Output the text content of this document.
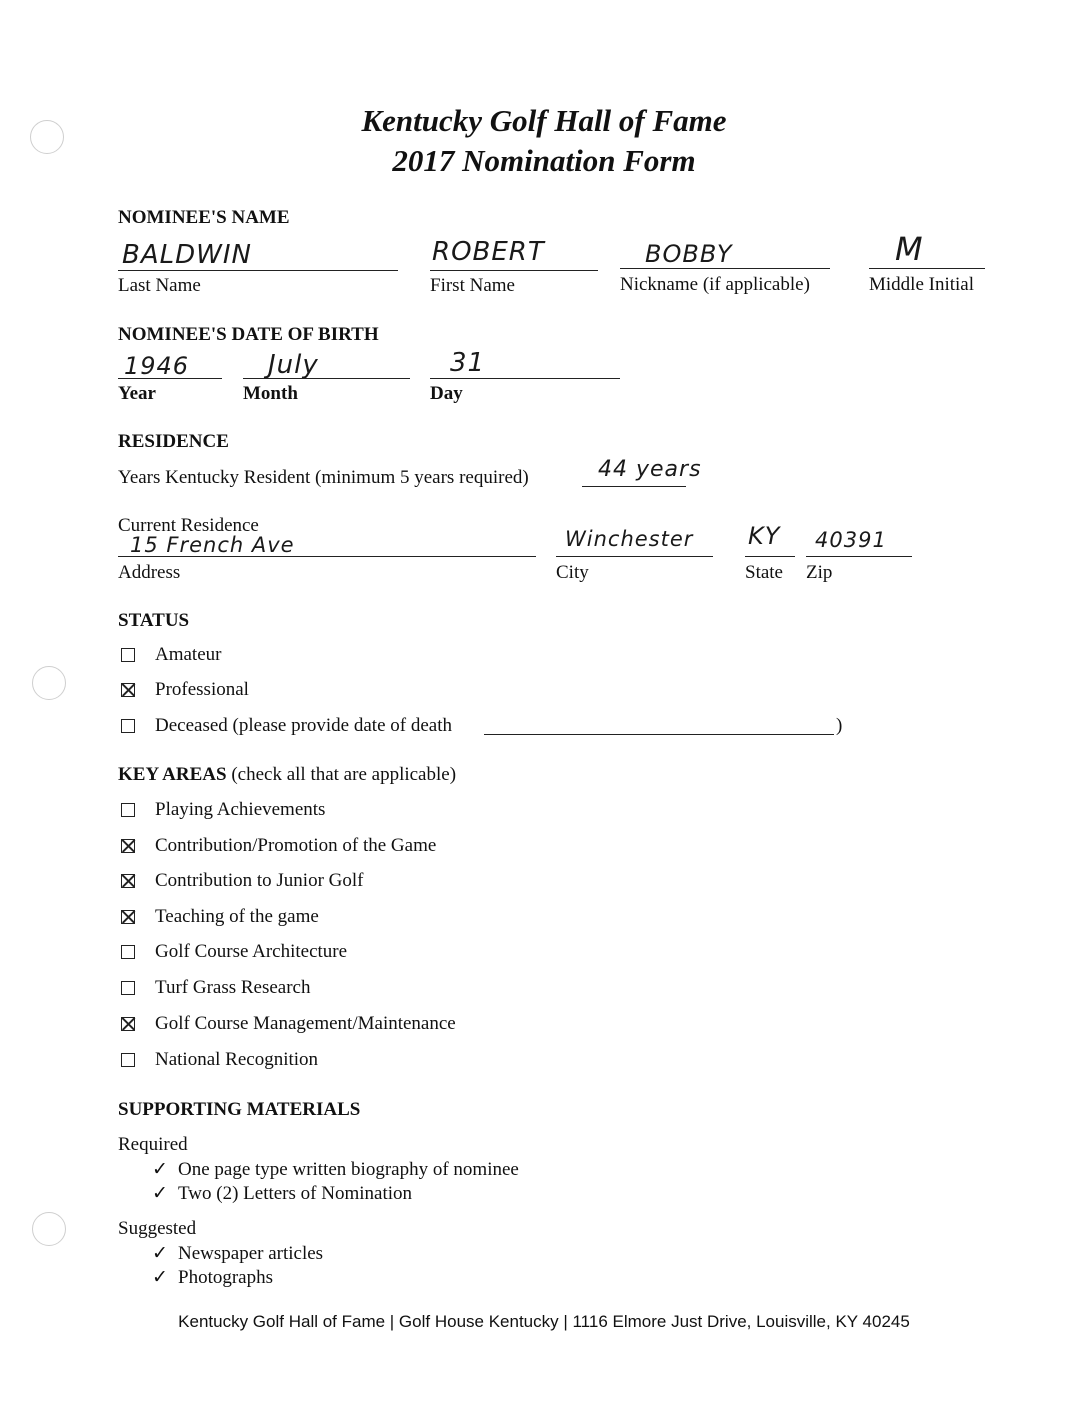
Kentucky Golf Hall of Fame
2017 Nomination Form
NOMINEE'S NAME
BALDWIN
Last Name
ROBERT
First Name
BOBBY
Nickname (if applicable)
M
Middle Initial
NOMINEE'S DATE OF BIRTH
1946
Year
July
Month
31
Day
RESIDENCE
Years Kentucky Resident (minimum 5 years required)	44 years
Current Residence
15 French Ave
Address
Winchester
City
KY
State
40391
Zip
STATUS
Amateur
Professional
Deceased (please provide date of death	)
KEY AREAS (check all that are applicable)
Playing Achievements
Contribution/Promotion of the Game
Contribution to Junior Golf
Teaching of the game
Golf Course Architecture
Turf Grass Research
Golf Course Management/Maintenance
National Recognition
SUPPORTING MATERIALS
Required
✓ One page type written biography of nominee
✓ Two (2) Letters of Nomination
Suggested
✓ Newspaper articles
✓ Photographs
Kentucky Golf Hall of Fame | Golf House Kentucky | 1116 Elmore Just Drive, Louisville, KY 40245
